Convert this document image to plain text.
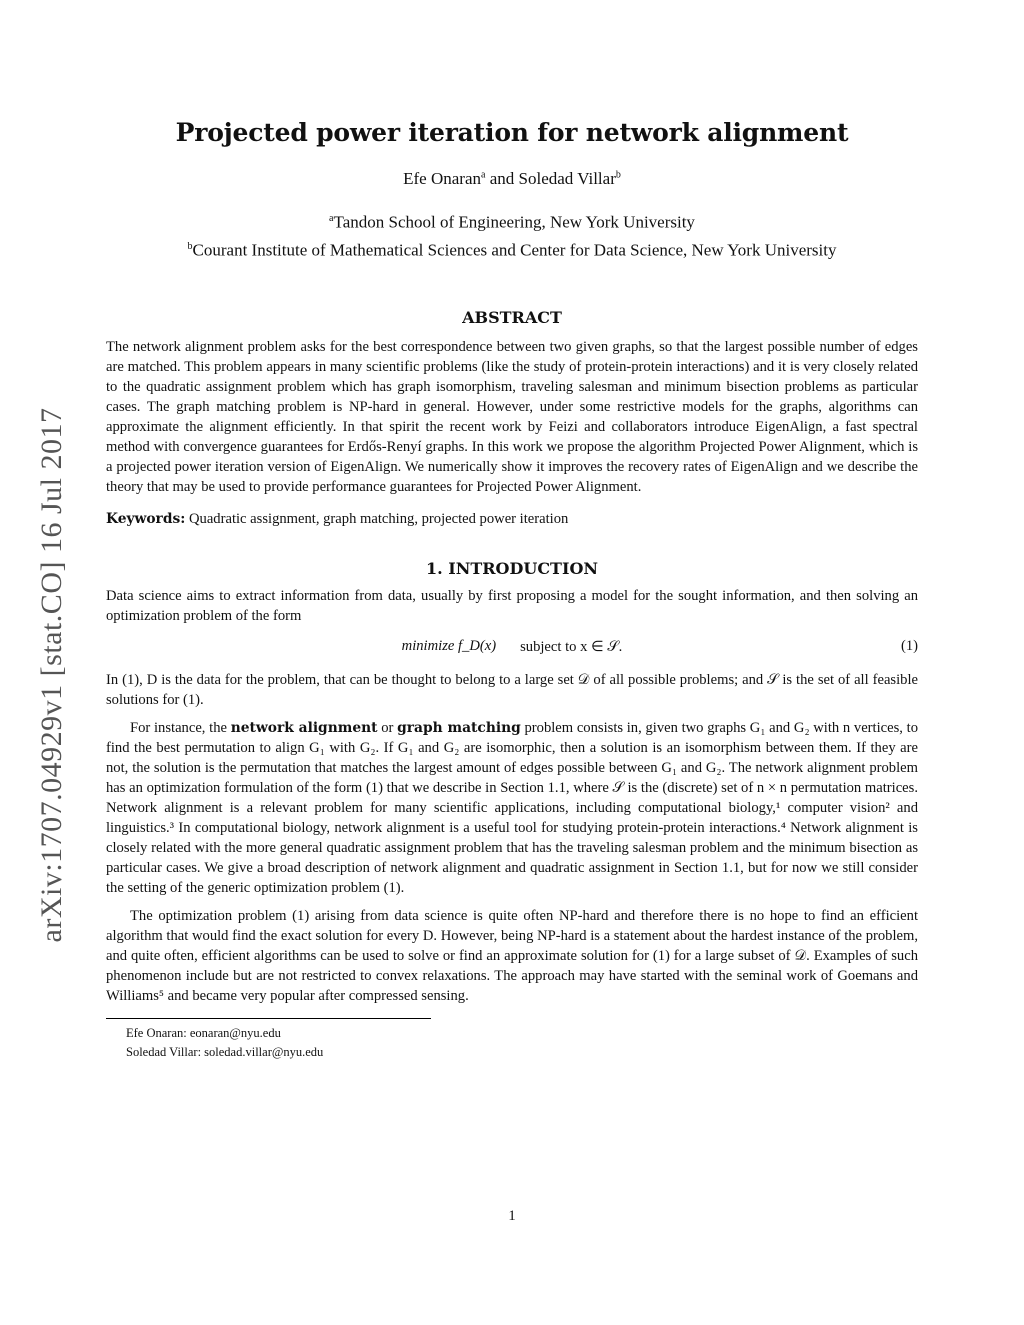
arXiv:1707.04929v1 [stat.CO] 16 Jul 2017
Projected power iteration for network alignment
Efe Onaran$^a$ and Soledad Villar$^b$
$^a$Tandon School of Engineering, New York University
$^b$Courant Institute of Mathematical Sciences and Center for Data Science, New York University
ABSTRACT

The network alignment problem asks for the best correspondence between two given graphs, so that the largest possible number of edges are matched. This problem appears in many scientific problems (like the study of protein-protein interactions) and it is very closely related to the quadratic assignment problem which has graph isomorphism, traveling salesman and minimum bisection problems as particular cases. The graph matching problem is NP-hard in general. However, under some restrictive models for the graphs, algorithms can approximate the alignment efficiently. In that spirit the recent work by Feizi and collaborators introduce EigenAlign, a fast spectral method with convergence guarantees for Erdős-Renyí graphs. In this work we propose the algorithm Projected Power Alignment, which is a projected power iteration version of EigenAlign. We numerically show it improves the recovery rates of EigenAlign and we describe the theory that may be used to provide performance guarantees for Projected Power Alignment.

Keywords: Quadratic assignment, graph matching, projected power iteration

1. INTRODUCTION

Data science aims to extract information from data, usually by first proposing a model for the sought information, and then solving an optimization problem of the form

minimize f_D(x) subject to x ∈ 𝒮.	(1)

In (1), D is the data for the problem, that can be thought to belong to a large set 𝒟 of all possible problems; and 𝒮 is the set of all feasible solutions for (1).

For instance, the network alignment or graph matching problem consists in, given two graphs G₁ and G₂ with n vertices, to find the best permutation to align G₁ with G₂. If G₁ and G₂ are isomorphic, then a solution is an isomorphism between them. If they are not, the solution is the permutation that matches the largest amount of edges possible between G₁ and G₂. The network alignment problem has an optimization formulation of the form (1) that we describe in Section 1.1, where 𝒮 is the (discrete) set of n × n permutation matrices. Network alignment is a relevant problem for many scientific applications, including computational biology,¹ computer vision² and linguistics.³ In computational biology, network alignment is a useful tool for studying protein-protein interactions.⁴ Network alignment is closely related with the more general quadratic assignment problem that has the traveling salesman problem and the minimum bisection as particular cases. We give a broad description of network alignment and quadratic assignment in Section 1.1, but for now we still consider the setting of the generic optimization problem (1).

The optimization problem (1) arising from data science is quite often NP-hard and therefore there is no hope to find an efficient algorithm that would find the exact solution for every D. However, being NP-hard is a statement about the hardest instance of the problem, and quite often, efficient algorithms can be used to solve or find an approximate solution for (1) for a large subset of 𝒟. Examples of such phenomenon include but are not restricted to convex relaxations. The approach may have started with the seminal work of Goemans and Williams⁵ and became very popular after compressed sensing.

Efe Onaran: eonaran@nyu.edu
Soledad Villar: soledad.villar@nyu.edu
1
